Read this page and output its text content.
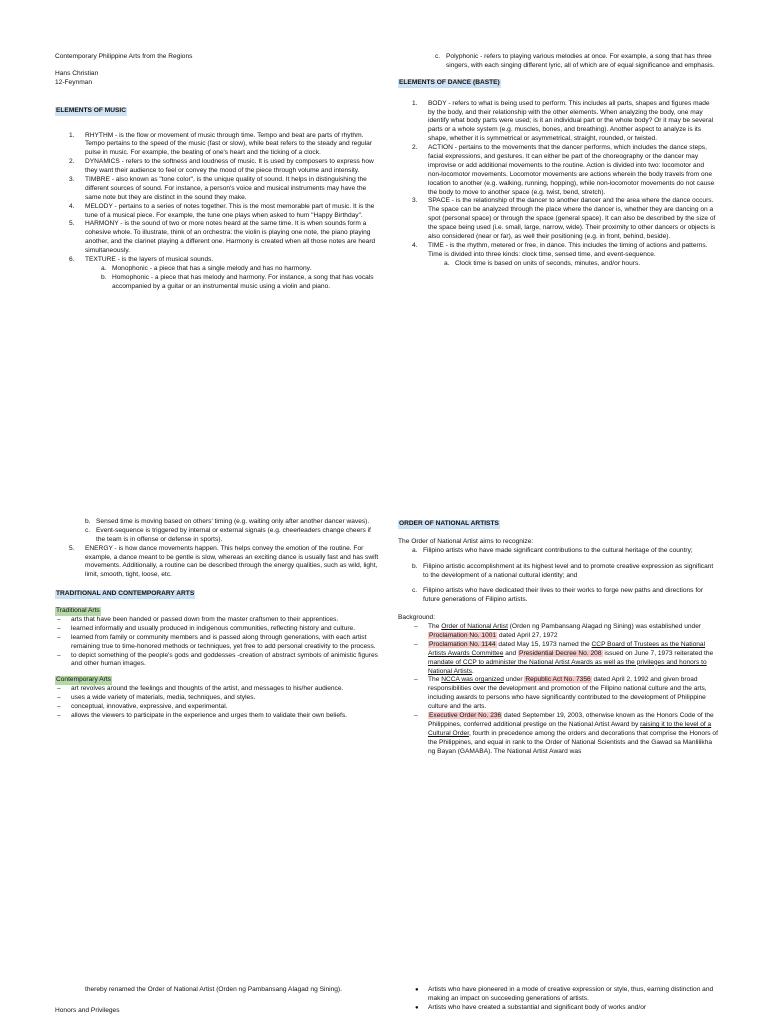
Contemporary Philippine Arts from the Regions

Hans Christian

12-Feynman

ELEMENTS OF MUSIC
1. RHYTHM - is the flow or movement of music through time. Tempo and beat are parts of rhythm. Tempo pertains to the speed of the music (fast or slow), while beat refers to the steady and regular pulse in music. For example, the beating of one's heart and the ticking of a clock.
2. DYNAMICS - refers to the softness and loudness of music. It is used by composers to express how they want their audience to feel or convey the mood of the piece through volume and intensity.
3. TIMBRE - also known as "tone color", is the unique quality of sound. It helps in distinguishing the different sources of sound. For instance, a person's voice and musical instruments may have the same note but they are distinct in the sound they make.
4. MELODY - pertains to a series of notes together. This is the most memorable part of music. It is the tune of a musical piece. For example, the tune one plays when asked to hum "Happy Birthday".
5. HARMONY - is the sound of two or more notes heard at the same time. It is when sounds form a cohesive whole. To illustrate, think of an orchestra: the violin is playing one note, the piano playing another, and the clarinet playing a different one. Harmony is created when all those notes are heard simultaneously.
6. TEXTURE - is the layers of musical sounds.
a. Monophonic - a piece that has a single melody and has no harmony.
b. Homophonic - a piece that has melody and harmony. For instance, a song that has vocals accompanied by a guitar or an instrumental music using a violin and piano.
c. Polyphonic - refers to playing various melodies at once. For example, a song that has three singers, with each singing different lyric, all of which are of equal significance and emphasis.
ELEMENTS OF DANCE (BASTE)
1. BODY - refers to what is being used to perform. This includes all parts, shapes and figures made by the body, and their relationship with the other elements. When analyzing the body, one may identify what body parts were used; is it an individual part or the whole body? Or it may be several parts or a whole system (e.g. muscles, bones, and breathing). Another aspect to analyze is its shape, whether it is symmetrical or asymmetrical, straight, rounded, or twisted.
2. ACTION - pertains to the movements that the dancer performs, which includes the dance steps, facial expressions, and gestures. It can either be part of the choreography or the dancer may improvise or add additional movements to the routine. Action is divided into two: locomotor and non-locomotor movements. Locomotor movements are actions wherein the body travels from one location to another (e.g. walking, running, hopping), while non-locomotor movements do not cause the body to move to another space (e.g. twist, bend, stretch).
3. SPACE - is the relationship of the dancer to another dancer and the area where the dance occurs. The space can be analyzed through the place where the dancer is, whether they are dancing on a spot (personal space) or through the space (general space). It can also be described by the size of the space being used (i.e. small, large, narrow, wide). Their proximity to other dancers or objects is also considered (near or far), as well their positioning (e.g. in front, behind, beside).
4. TIME - is the rhythm, metered or free, in dance. This includes the timing of actions and patterns. Time is divided into three kinds: clock time, sensed time, and event-sequence.
a. Clock time is based on units of seconds, minutes, and/or hours.
b. Sensed time is moving based on others' timing (e.g. waiting only after another dancer waves).
c. Event-sequence is triggered by internal or external signals (e.g. cheerleaders change cheers if the team is in offense or defense in sports).
5. ENERGY - is how dance movements happen. This helps convey the emotion of the routine. For example, a dance meant to be gentle is slow, whereas an exciting dance is usually fast and has swift movements. Additionally, a routine can be described through the energy qualities, such as wild, light, limit, smooth, tight, loose, etc.
TRADITIONAL AND CONTEMPORARY ARTS
Traditional Arts
– arts that have been handed or passed down from the master craftsmen to their apprentices.
– learned informally and usually produced in indigenous communities, reflecting history and culture.
– learned from family or community members and is passed along through generations, with each artist remaining true to time-honored methods or techniques, yet free to add personal creativity to the process.
– to depict something of the people's gods and goddesses -creation of abstract symbols of animistic figures and other human images.
Contemporary Arts
– art revolves around the feelings and thoughts of the artist, and messages to his/her audience.
– uses a wide variety of materials, media, techniques, and styles.
– conceptual, innovative, expressive, and experimental.
– allows the viewers to participate in the experience and urges them to validate their own beliefs.
ORDER OF NATIONAL ARTISTS

The Order of National Artist aims to recognize:

a. Filipino artists who have made significant contributions to the cultural heritage of the country;
b. Filipino artistic accomplishment at its highest level and to promote creative expression as significant to the development of a national cultural identity; and
c. Filipino artists who have dedicated their lives to their works to forge new paths and directions for future generations of Filipino artists.

Background:

– The Order of National Artist (Orden ng Pambansang Alagad ng Sining) was established under Proclamation No. 1001 dated April 27, 1972
– Proclamation No. 1144 dated May 15, 1973 named the CCP Board of Trustees as the National Artists Awards Committee and Presidential Decree No. 208 issued on June 7, 1973 reiterated the mandate of CCP to administer the National Artist Awards as well as the privileges and honors to National Artists.
– The NCCA was organized under Republic Act No. 7356 dated April 2, 1992 and given broad responsibilities over the development and promotion of the Filipino national culture and the arts, including awards to persons who have significantly contributed to the development of Philippine culture and the arts.
– Executive Order No. 236 dated September 19, 2003, otherwise known as the Honors Code of the Philippines, conferred additional prestige on the National Artist Award by raising it to the level of a Cultural Order, fourth in precedence among the orders and decorations that comprise the Honors of the Philippines, and equal in rank to the Order of National Scientists and the Gawad sa Manlilikha ng Bayan (GAMABA). The National Artist Award was

thereby renamed the Order of National Artist (Orden ng Pambansang Alagad ng Sining).

Honors and Privileges

● Artists who have pioneered in a mode of creative expression or style, thus, earning distinction and making an impact on succeeding generations of artists.
● Artists who have created a substantial and significant body of works and/or
